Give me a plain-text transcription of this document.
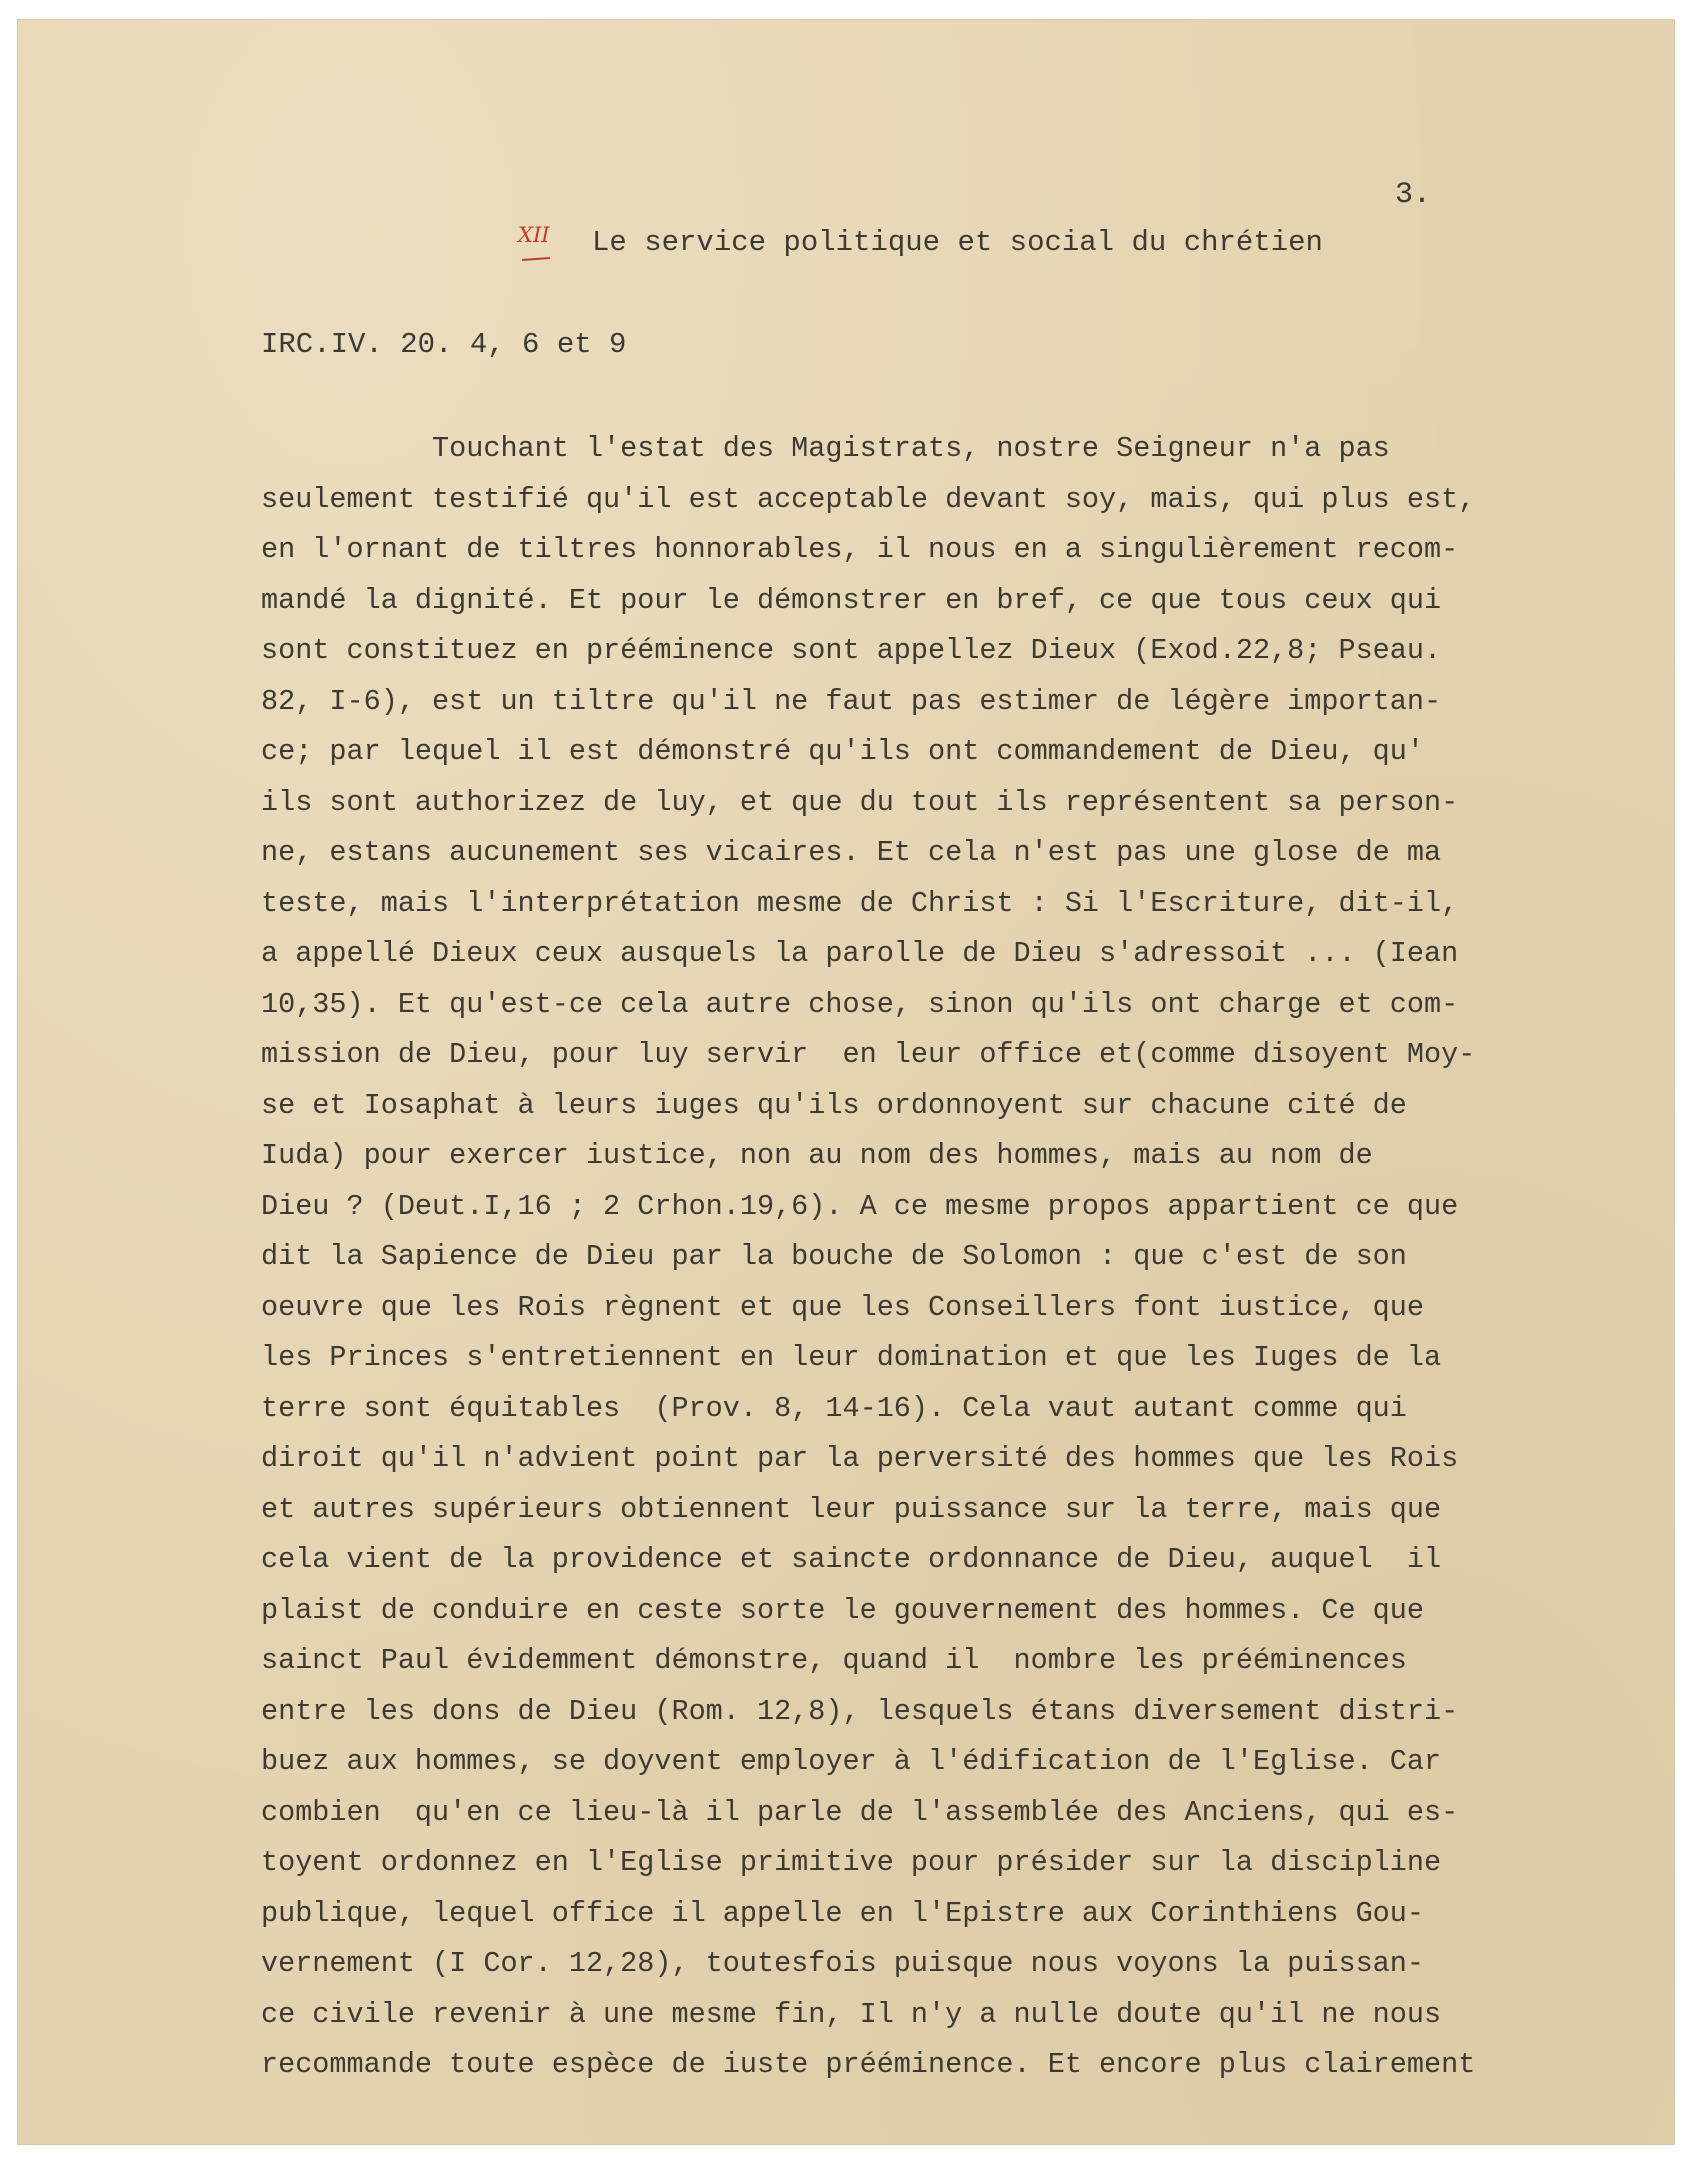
3.
XII Le service politique et social du chrétien
IRC.IV. 20. 4, 6 et 9
Touchant l'estat des Magistrats, nostre Seigneur n'a pas
seulement testifié qu'il est acceptable devant soy, mais, qui plus est,
en l'ornant de tiltres honnorables, il nous en a singulièrement recom-
mandé la dignité. Et pour le démonstrer en bref, ce que tous ceux qui
sont constituez en prééminence sont appellez Dieux (Exod.22,8; Pseau.
82, I-6), est un tiltre qu'il ne faut pas estimer de légère importan-
ce; par lequel il est démonstré qu'ils ont commandement de Dieu, qu'
ils sont authorizez de luy, et que du tout ils représentent sa person-
ne, estans aucunement ses vicaires. Et cela n'est pas une glose de ma
teste, mais l'interprétation mesme de Christ : Si l'Escriture, dit-il,
a appellé Dieux ceux ausquels la parolle de Dieu s'adressoit ... (Iean
10,35). Et qu'est-ce cela autre chose, sinon qu'ils ont charge et com-
mission de Dieu, pour luy servir  en leur office et(comme disoyent Moy-
se et Iosaphat à leurs iuges qu'ils ordonnoyent sur chacune cité de
Iuda) pour exercer iustice, non au nom des hommes, mais au nom de
Dieu ? (Deut.I,16 ; 2 Crhon.19,6). A ce mesme propos appartient ce que
dit la Sapience de Dieu par la bouche de Solomon : que c'est de son
oeuvre que les Rois règnent et que les Conseillers font iustice, que
les Princes s'entretiennent en leur domination et que les Iuges de la
terre sont équitables  (Prov. 8, 14-16). Cela vaut autant comme qui
diroit qu'il n'advient point par la perversité des hommes que les Rois
et autres supérieurs obtiennent leur puissance sur la terre, mais que
cela vient de la providence et saincte ordonnance de Dieu, auquel  il
plaist de conduire en ceste sorte le gouvernement des hommes. Ce que
sainct Paul évidemment démonstre, quand il  nombre les prééminences
entre les dons de Dieu (Rom. 12,8), lesquels étans diversement distri-
buez aux hommes, se doyvent employer à l'édification de l'Eglise. Car
combien  qu'en ce lieu-là il parle de l'assemblée des Anciens, qui es-
toyent ordonnez en l'Eglise primitive pour présider sur la discipline
publique, lequel office il appelle en l'Epistre aux Corinthiens Gou-
vernement (I Cor. 12,28), toutesfois puisque nous voyons la puissan-
ce civile revenir à une mesme fin, Il n'y a nulle doute qu'il ne nous
recommande toute espèce de iuste prééminence. Et encore plus clairement
